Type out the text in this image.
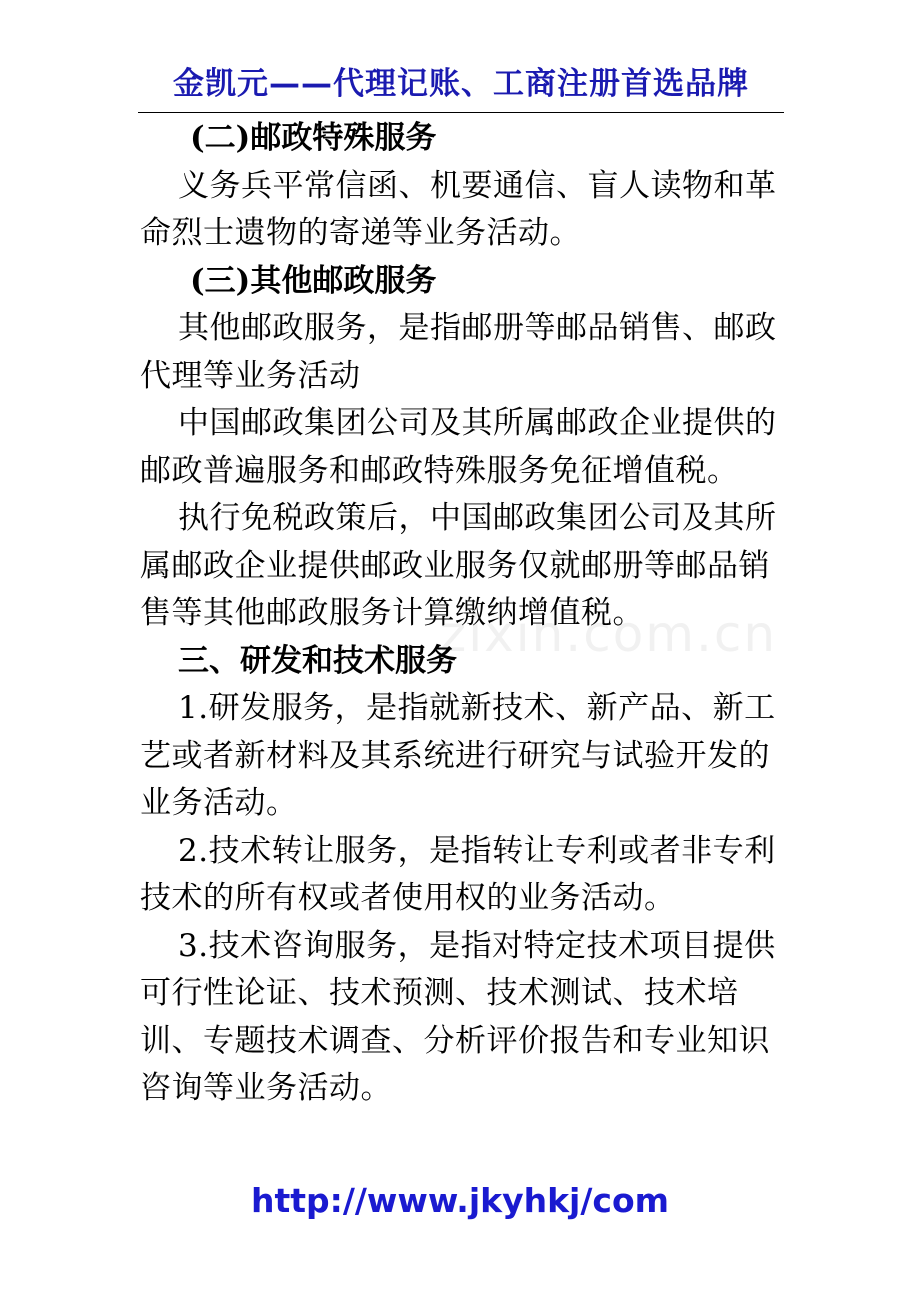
金凯元——代理记账、工商注册首选品牌
zixin.com.cn

(二)邮政特殊服务

义务兵平常信函、机要通信、盲人读物和革命烈士遗物的寄递等业务活动。

(三)其他邮政服务

其他邮政服务，是指邮册等邮品销售、邮政代理等业务活动

中国邮政集团公司及其所属邮政企业提供的邮政普遍服务和邮政特殊服务免征增值税。

执行免税政策后，中国邮政集团公司及其所属邮政企业提供邮政业服务仅就邮册等邮品销售等其他邮政服务计算缴纳增值税。

三、研发和技术服务

1.研发服务，是指就新技术、新产品、新工艺或者新材料及其系统进行研究与试验开发的业务活动。

2.技术转让服务，是指转让专利或者非专利技术的所有权或者使用权的业务活动。

3.技术咨询服务，是指对特定技术项目提供可行性论证、技术预测、技术测试、技术培训、专题技术调查、分析评价报告和专业知识咨询等业务活动。

http://www.jkyhkj/com
